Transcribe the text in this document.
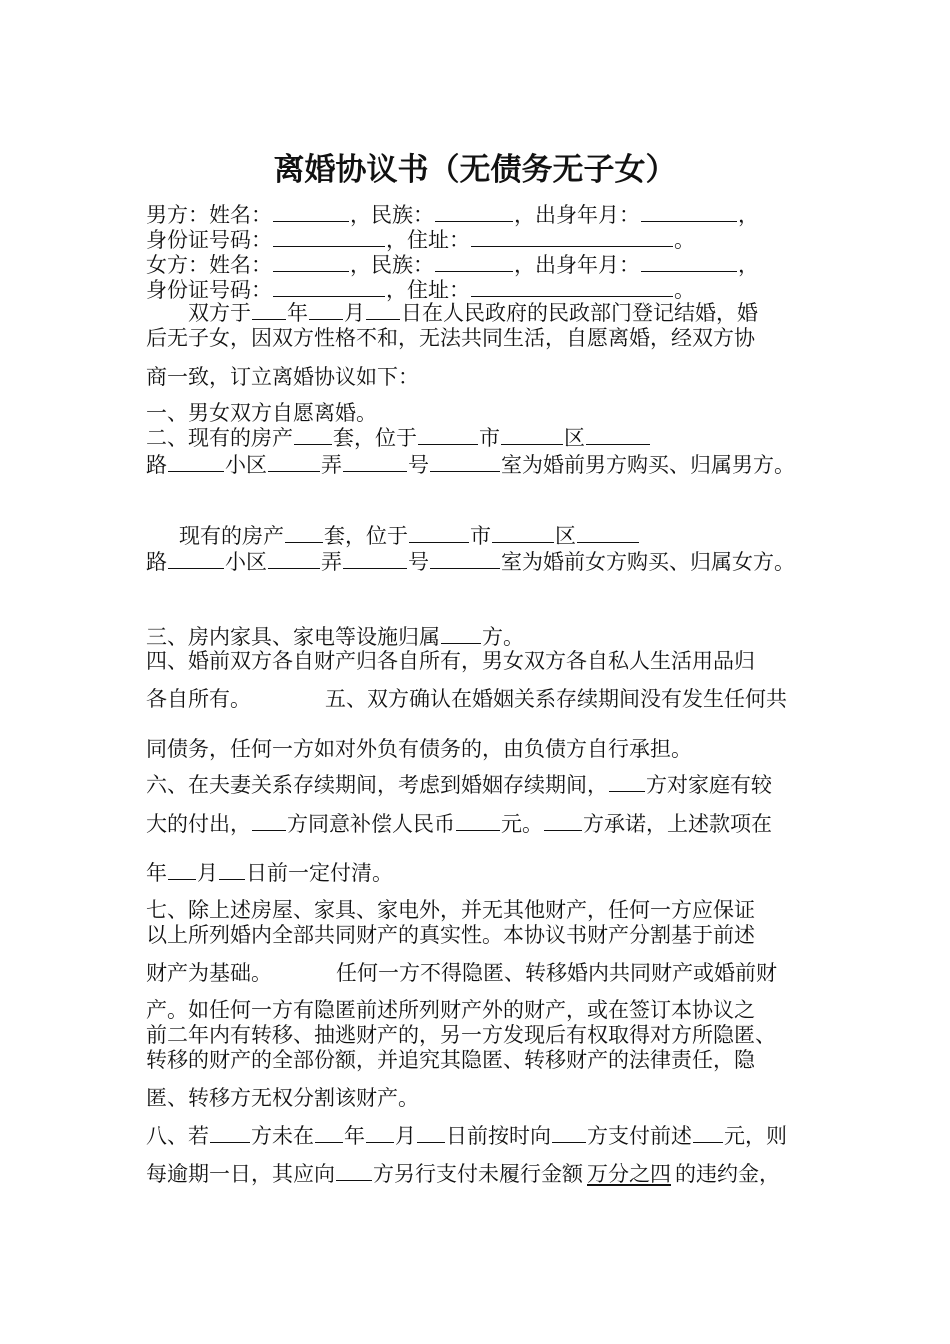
离婚协议书（无债务无子女）
男方：姓名：	，民族：	，出身年月：	，
身份证号码：	，住址：	。
女方：姓名：	，民族：	，出身年月：	，
身份证号码：	，住址：	。
双方于 年 月 日在人民政府的民政部门登记结婚，婚
后无子女，因双方性格不和，无法共同生活，自愿离婚，经双方协
商一致，订立离婚协议如下：
一、男女双方自愿离婚。
二、现有的房产 套，位于	市	区
路	小区	弄	号	室为婚前男方购买、归属男方。
现有的房产 套，位于	市	区
路	小区	弄	号	室为婚前女方购买、归属女方。
三、房内家具、家电等设施归属 方。
四、婚前双方各自财产归各自所有，男女双方各自私人生活用品归
各自所有。	五、双方确认在婚姻关系存续期间没有发生任何共
同债务，任何一方如对外负有债务的，由负债方自行承担。
六、在夫妻关系存续期间，考虑到婚姻存续期间， 方对家庭有较
大的付出， 方同意补偿人民币 元。 方承诺，上述款项在
年 月 日前一定付清。
七、除上述房屋、家具、家电外，并无其他财产，任何一方应保证
以上所列婚内全部共同财产的真实性。本协议书财产分割基于前述
财产为基础。	任何一方不得隐匿、转移婚内共同财产或婚前财
产。如任何一方有隐匿前述所列财产外的财产，或在签订本协议之
前二年内有转移、抽逃财产的，另一方发现后有权取得对方所隐匿、
转移的财产的全部份额，并追究其隐匿、转移财产的法律责任，隐
匿、转移方无权分割该财产。
八、若 方未在 年 月 日前按时向 方支付前述 元，则
每逾期一日，其应向 方另行支付未履行金额 万分之四 的违约金，
